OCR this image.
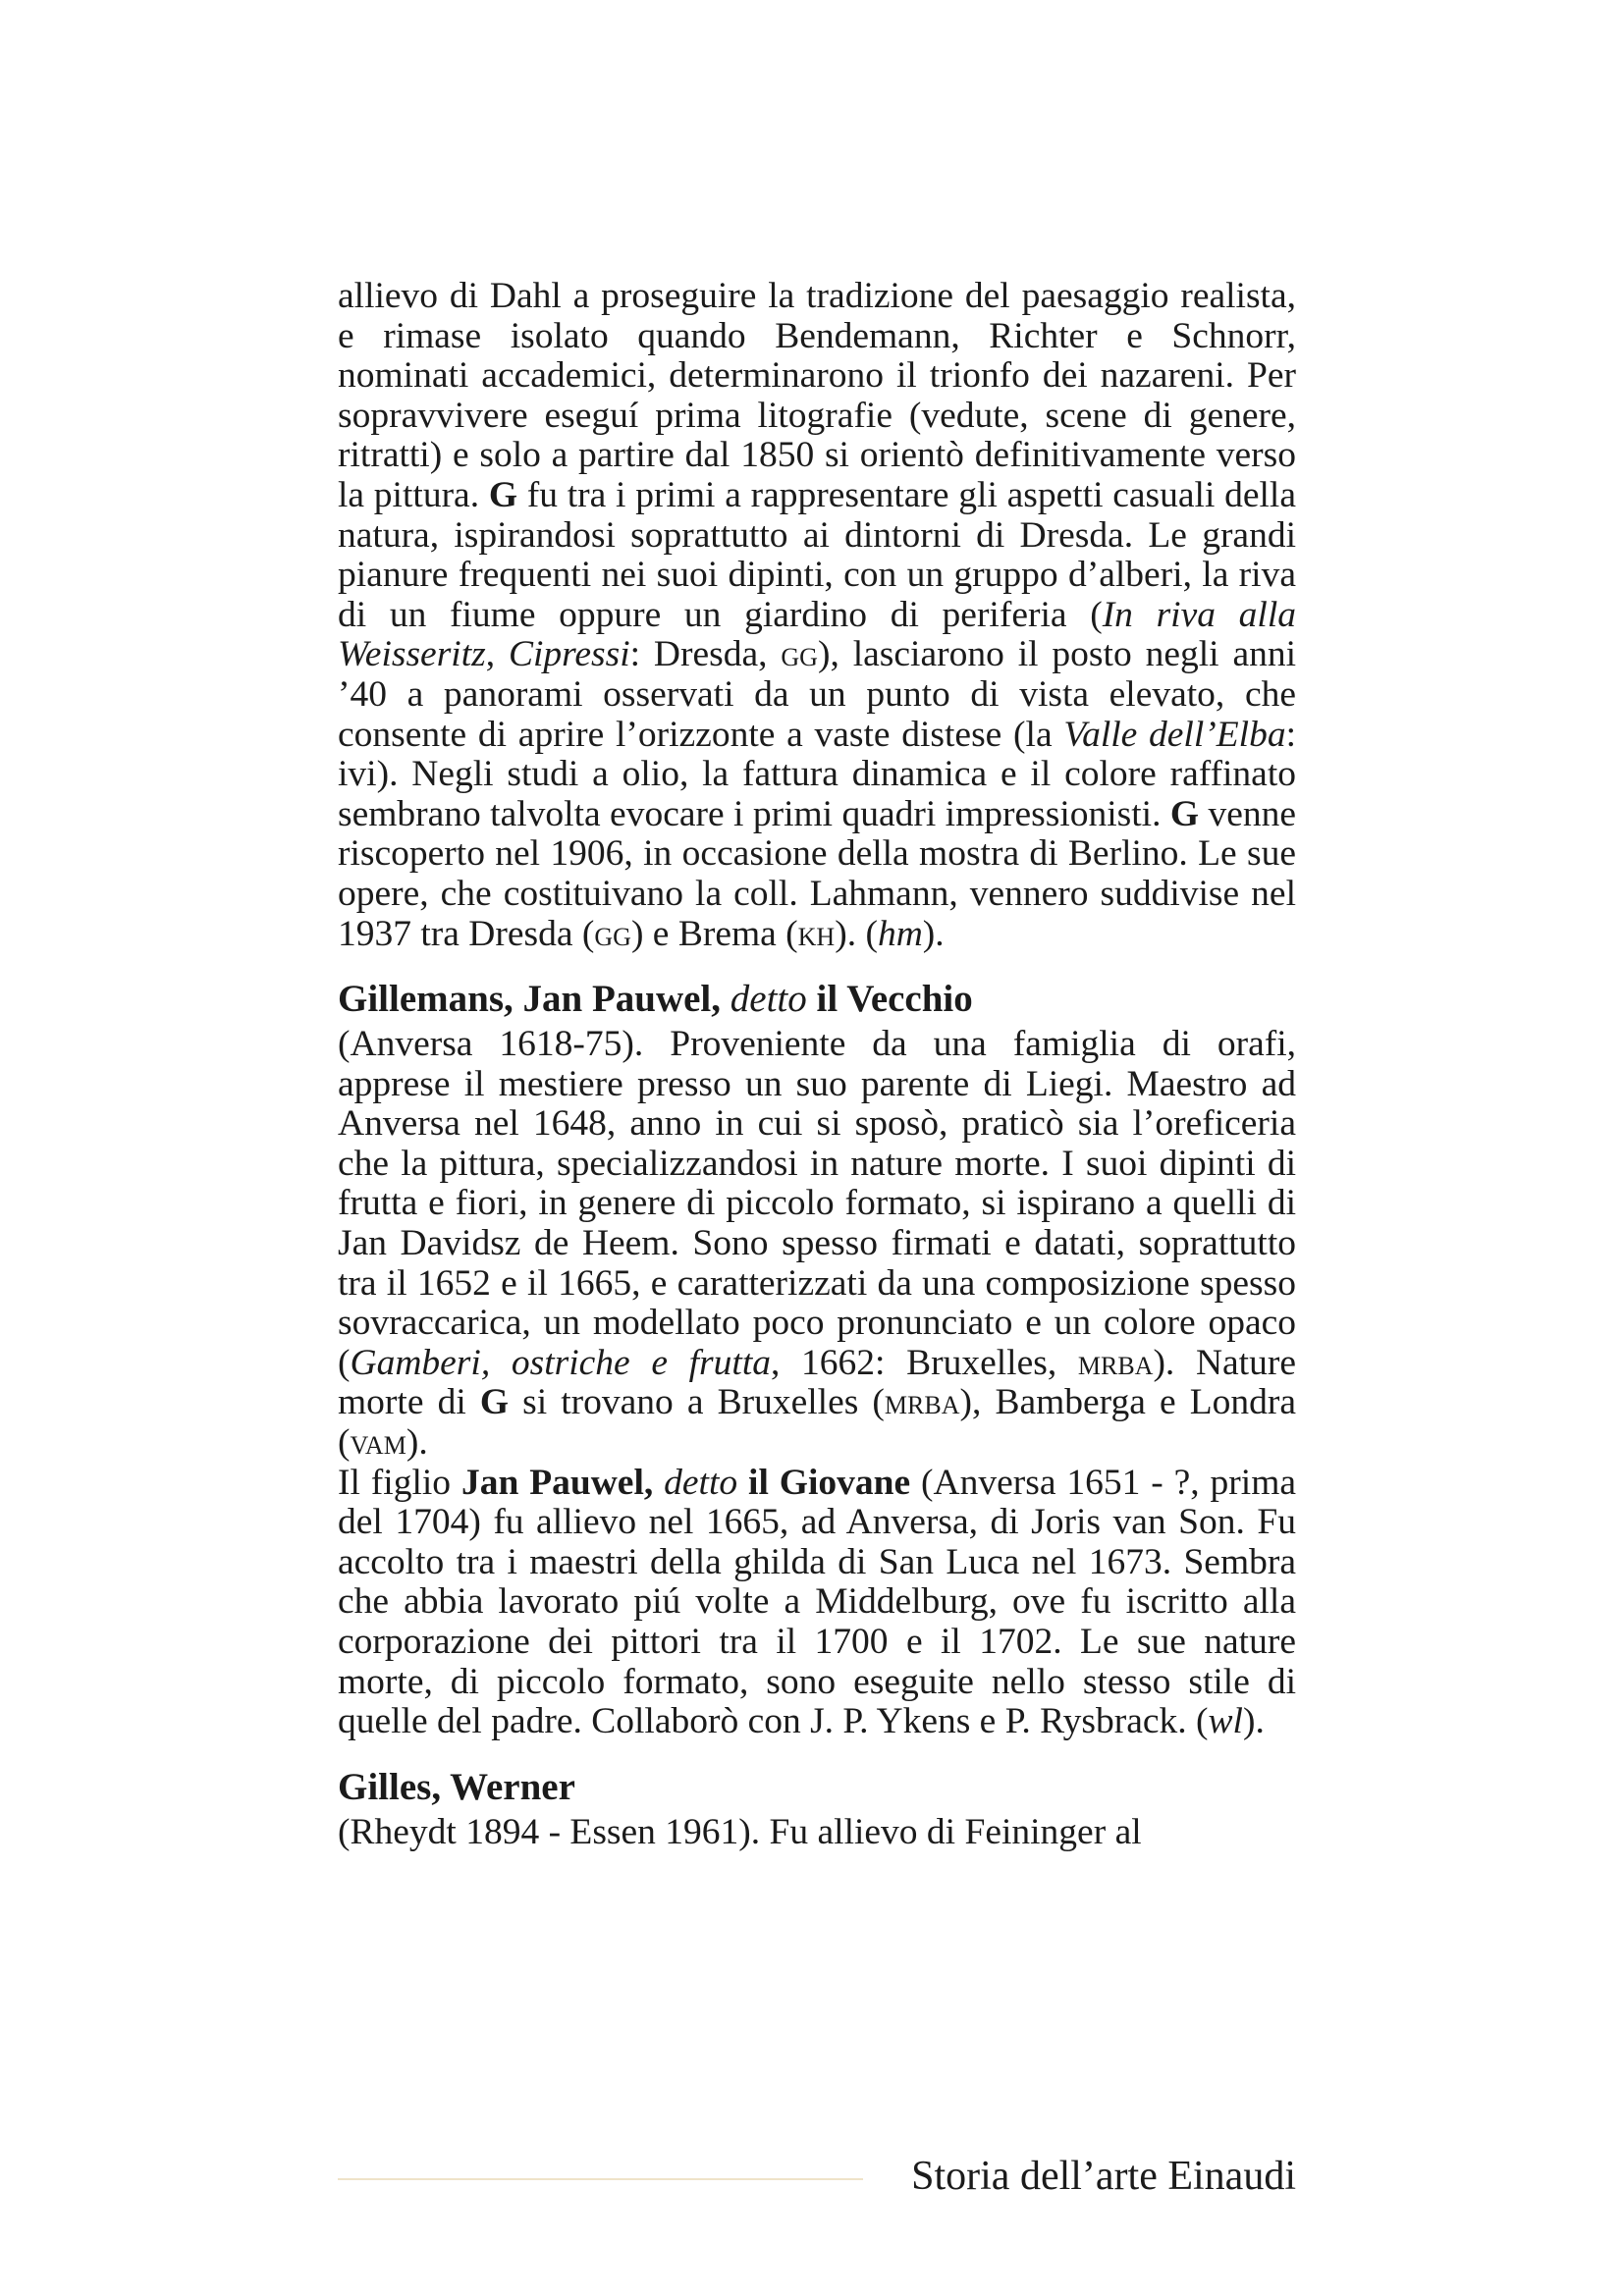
allievo di Dahl a proseguire la tradizione del paesaggio realista, e rimase isolato quando Bendemann, Richter e Schnorr, nominati accademici, determinarono il trionfo dei nazareni. Per sopravvivere eseguí prima litografie (vedute, scene di genere, ritratti) e solo a partire dal 1850 si orientò definitivamente verso la pittura. G fu tra i primi a rappresentare gli aspetti casuali della natura, ispirandosi soprattutto ai dintorni di Dresda. Le grandi pianure frequenti nei suoi dipinti, con un gruppo d’alberi, la riva di un fiume oppure un giardino di periferia (In riva alla Weisseritz, Cipressi: Dresda, gg), lasciarono il posto negli anni ’40 a panorami osservati da un punto di vista elevato, che consente di aprire l’orizzonte a vaste distese (la Valle dell’Elba: ivi). Negli studi a olio, la fattura dinamica e il colore raffinato sembrano talvolta evocare i primi quadri impressionisti. G venne riscoperto nel 1906, in occasione della mostra di Berlino. Le sue opere, che costituivano la coll. Lahmann, vennero suddivise nel 1937 tra Dresda (gg) e Brema (kh). (hm).

Gillemans, Jan Pauwel, detto il Vecchio

(Anversa 1618-75). Proveniente da una famiglia di orafi, apprese il mestiere presso un suo parente di Liegi. Maestro ad Anversa nel 1648, anno in cui si sposò, praticò sia l’oreficeria che la pittura, specializzandosi in nature morte. I suoi dipinti di frutta e fiori, in genere di piccolo formato, si ispirano a quelli di Jan Davidsz de Heem. Sono spesso firmati e datati, soprattutto tra il 1652 e il 1665, e caratterizzati da una composizione spesso sovraccarica, un modellato poco pronunciato e un colore opaco (Gamberi, ostriche e frutta, 1662: Bruxelles, mrba). Nature morte di G si trovano a Bruxelles (mrba), Bamberga e Londra (vam).

Il figlio Jan Pauwel, detto il Giovane (Anversa 1651 - ?, prima del 1704) fu allievo nel 1665, ad Anversa, di Joris van Son. Fu accolto tra i maestri della ghilda di San Luca nel 1673. Sembra che abbia lavorato piú volte a Middelburg, ove fu iscritto alla corporazione dei pittori tra il 1700 e il 1702. Le sue nature morte, di piccolo formato, sono eseguite nello stesso stile di quelle del padre. Collaborò con J. P. Ykens e P. Rysbrack. (wl).

Gilles, Werner

(Rheydt 1894 - Essen 1961). Fu allievo di Feininger al

Storia dell’arte Einaudi
